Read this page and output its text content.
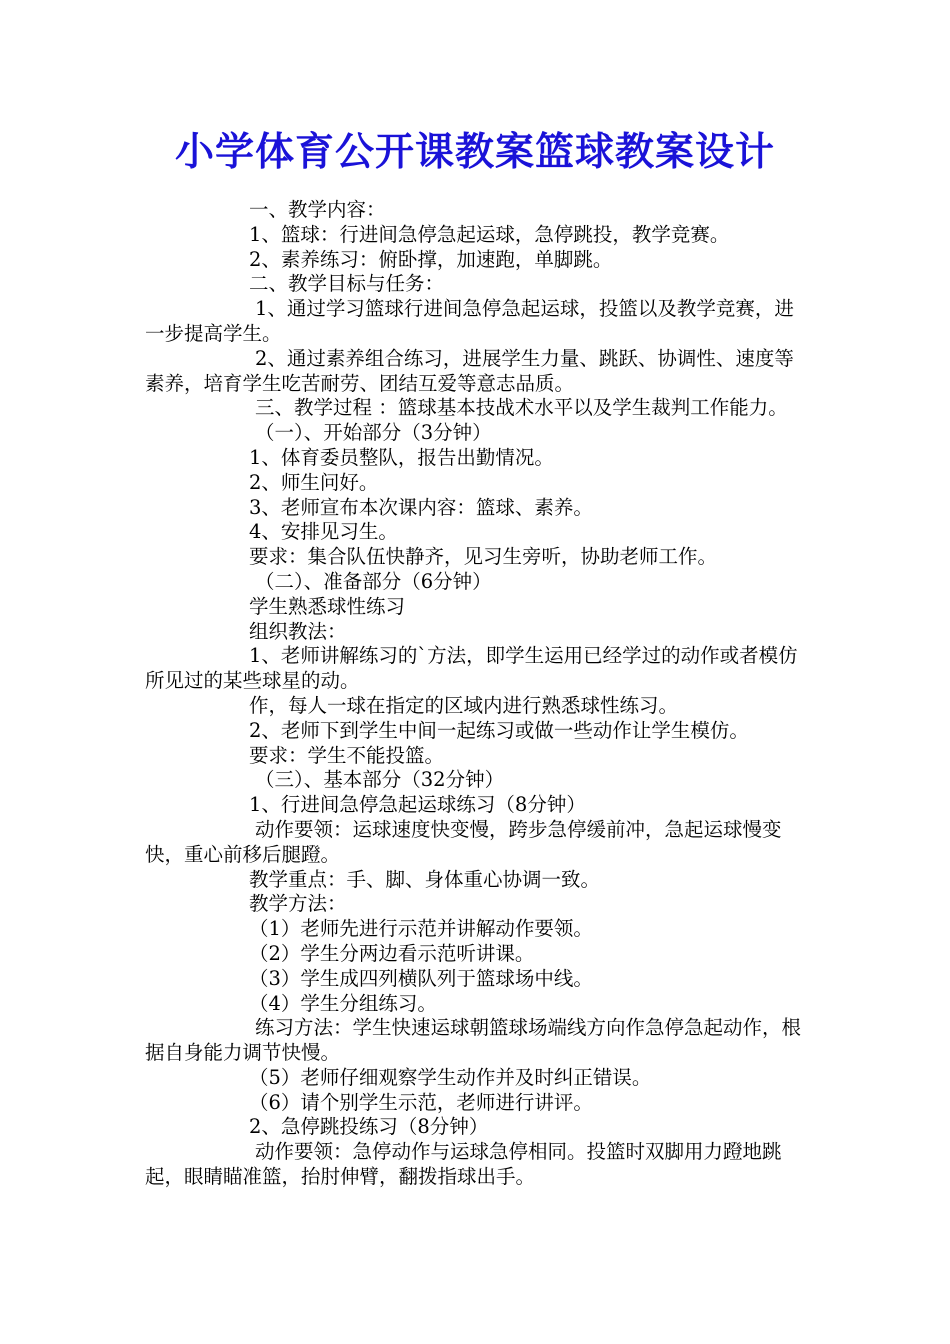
小学体育公开课教案篮球教案设计

一、教学内容：

1、篮球：行进间急停急起运球，急停跳投，教学竞赛。

2、素养练习：俯卧撑，加速跑，单脚跳。

二、教学目标与任务：

1、通过学习篮球行进间急停急起运球，投篮以及教学竞赛，进一步提高学生。

2、通过素养组合练习，进展学生力量、跳跃、协调性、速度等素养，培育学生吃苦耐劳、团结互爱等意志品质。

三、教学过程 ：篮球基本技战术水平以及学生裁判工作能力。

（一）、开始部分（3分钟）

1、体育委员整队，报告出勤情况。

2、师生问好。

3、老师宣布本次课内容：篮球、素养。

4、安排见习生。

要求：集合队伍快静齐，见习生旁听，协助老师工作。

（二）、准备部分（6分钟）

学生熟悉球性练习

组织教法：

1、老师讲解练习的`方法，即学生运用已经学过的动作或者模仿所见过的某些球星的动。

作，每人一球在指定的区域内进行熟悉球性练习。

2、老师下到学生中间一起练习或做一些动作让学生模仿。

要求：学生不能投篮。

（三）、基本部分（32分钟）

1、行进间急停急起运球练习（8分钟）

动作要领：运球速度快变慢，跨步急停缓前冲，急起运球慢变快，重心前移后腿蹬。

教学重点：手、脚、身体重心协调一致。

教学方法：

（1）老师先进行示范并讲解动作要领。

（2）学生分两边看示范听讲课。

（3）学生成四列横队列于篮球场中线。

（4）学生分组练习。

练习方法：学生快速运球朝篮球场端线方向作急停急起动作，根据自身能力调节快慢。

（5）老师仔细观察学生动作并及时纠正错误。

（6）请个别学生示范，老师进行讲评。

2、急停跳投练习（8分钟）

动作要领：急停动作与运球急停相同。投篮时双脚用力蹬地跳起，眼睛瞄准篮，抬肘伸臂，翻拨指球出手。
